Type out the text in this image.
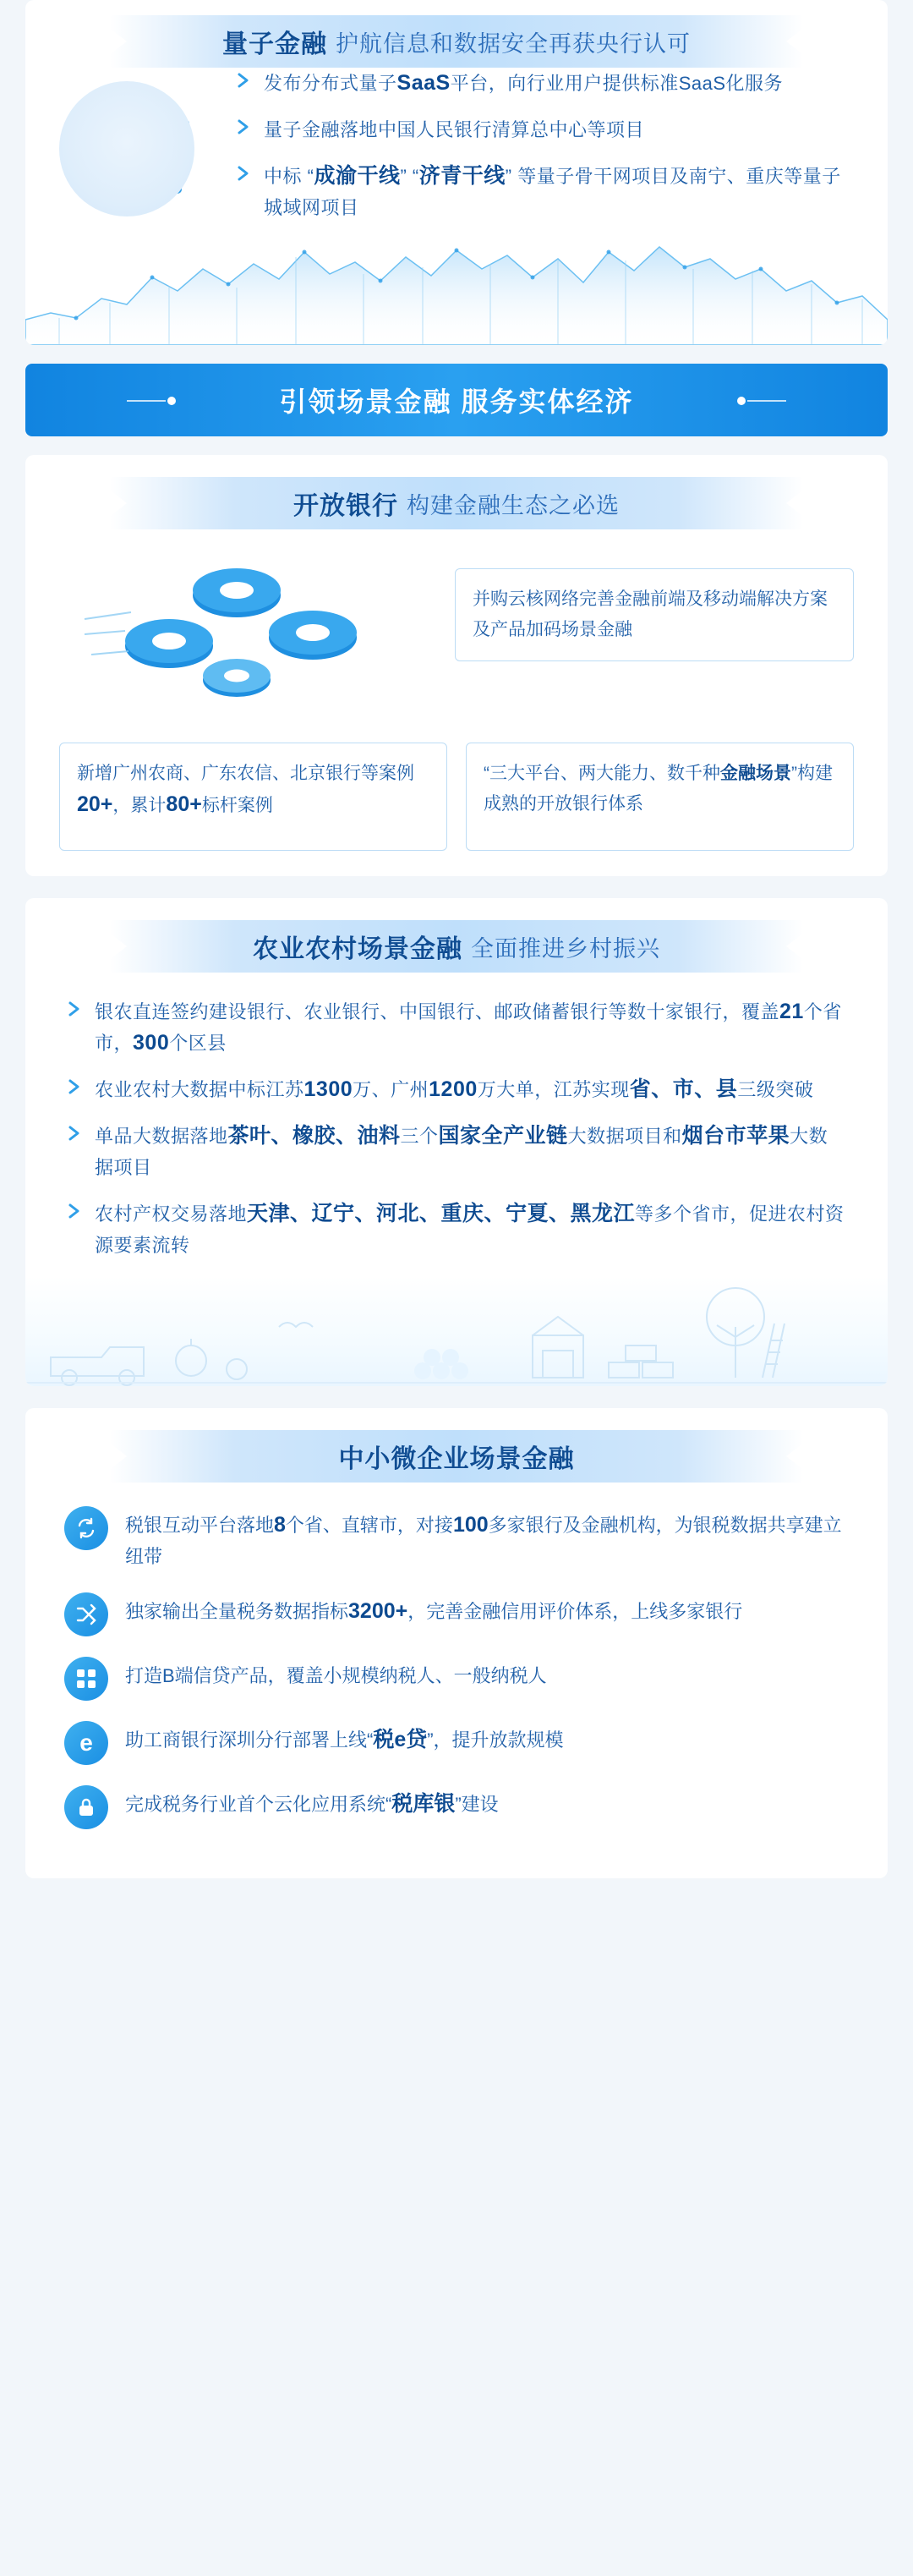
量子金融 护航信息和数据安全再获央行认可
发布分布式量子SaaS平台，向行业用户提供标准SaaS化服务
量子金融落地中国人民银行清算总中心等项目
中标 “成渝干线” “济青干线” 等量子骨干网项目及南宁、重庆等量子城域网项目
引领场景金融 服务实体经济
开放银行 构建金融生态之必选
并购云核网络完善金融前端及移动端解决方案及产品加码场景金融
新增广州农商、广东农信、北京银行等案例20+，累计80+标杆案例
“三大平台、两大能力、数千种金融场景”构建成熟的开放银行体系
农业农村场景金融 全面推进乡村振兴
银农直连签约建设银行、农业银行、中国银行、邮政储蓄银行等数十家银行，覆盖21个省市，300个区县
农业农村大数据中标江苏1300万、广州1200万大单，江苏实现省、市、县三级突破
单品大数据落地茶叶、橡胶、油料三个国家全产业链大数据项目和烟台市苹果大数据项目
农村产权交易落地天津、辽宁、河北、重庆、宁夏、黑龙江等多个省市，促进农村资源要素流转
中小微企业场景金融
税银互动平台落地8个省、直辖市，对接100多家银行及金融机构，为银税数据共享建立纽带
独家输出全量税务数据指标3200+，完善金融信用评价体系，上线多家银行
打造B端信贷产品，覆盖小规模纳税人、一般纳税人
e 助工商银行深圳分行部署上线“税e贷”，提升放款规模
完成税务行业首个云化应用系统“税库银”建设
